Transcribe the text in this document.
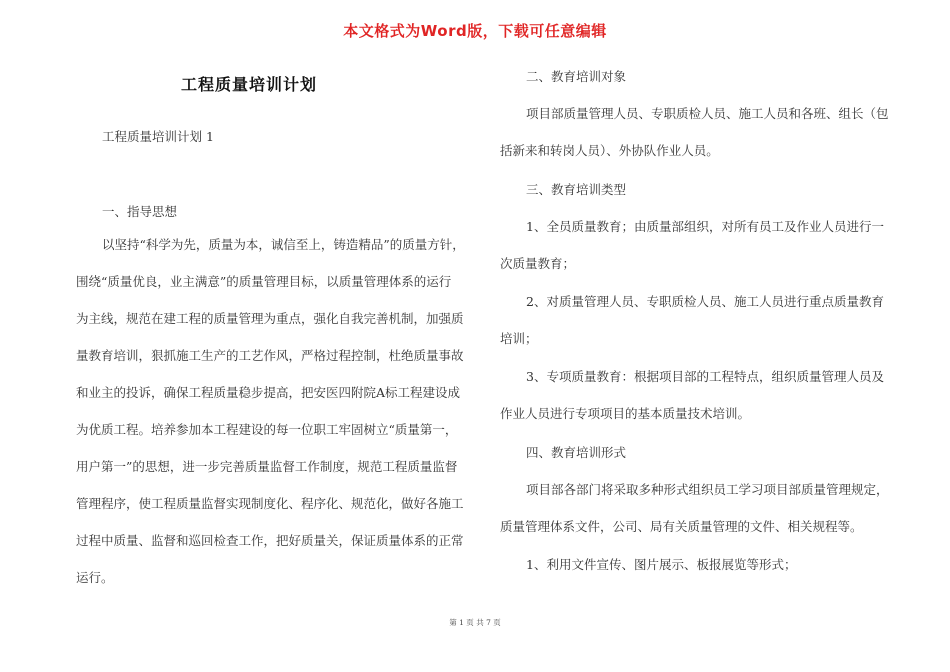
本文格式为Word版，下载可任意编辑
工程质量培训计划
工程质量培训计划 1
一、指导思想
以坚持“科学为先，质量为本，诚信至上，铸造精品”的质量方针，
围绕“质量优良，业主满意”的质量管理目标，以质量管理体系的运行
为主线，规范在建工程的质量管理为重点，强化自我完善机制，加强质
量教育培训，狠抓施工生产的工艺作风，严格过程控制，杜绝质量事故
和业主的投诉，确保工程质量稳步提高，把安医四附院A标工程建设成
为优质工程。培养参加本工程建设的每一位职工牢固树立“质量第一，
用户第一”的思想，进一步完善质量监督工作制度，规范工程质量监督
管理程序，使工程质量监督实现制度化、程序化、规范化，做好各施工
过程中质量、监督和巡回检查工作，把好质量关，保证质量体系的正常
运行。
二、教育培训对象
项目部质量管理人员、专职质检人员、施工人员和各班、组长（包
括新来和转岗人员）、外协队作业人员。
三、教育培训类型
1、全员质量教育；由质量部组织，对所有员工及作业人员进行一
次质量教育；
2、对质量管理人员、专职质检人员、施工人员进行重点质量教育
培训；
3、专项质量教育：根据项目部的工程特点，组织质量管理人员及
作业人员进行专项项目的基本质量技术培训。
四、教育培训形式
项目部各部门将采取多种形式组织员工学习项目部质量管理规定，
质量管理体系文件，公司、局有关质量管理的文件、相关规程等。
1、利用文件宣传、图片展示、板报展览等形式；
第 1 页 共 7 页
